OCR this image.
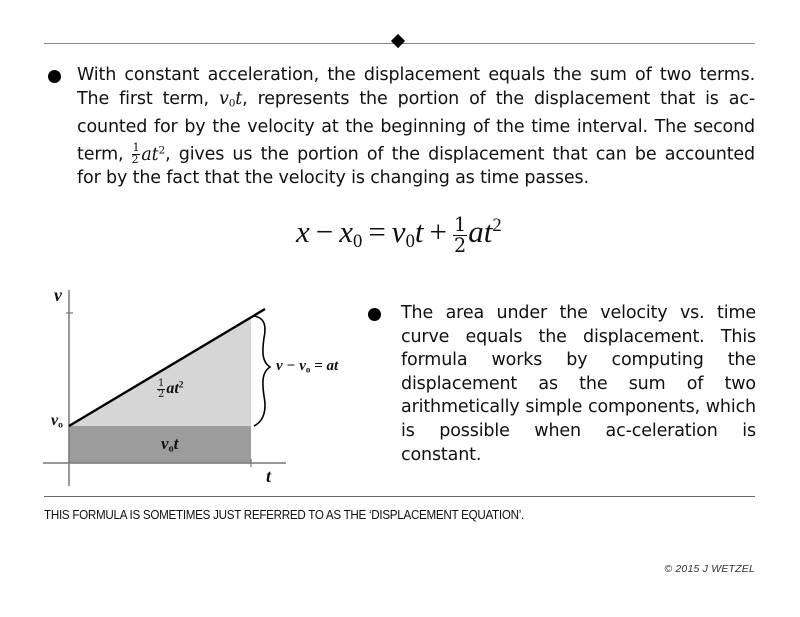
With constant acceleration, the displacement equals the sum of two terms.
The first term, $v_0t$, represents the portion of the displacement that is ac-
counted for by the velocity at the beginning of the time interval. The second
term, $\frac{1}{2} at^2$, gives us the portion of the displacement that can be accounted
for by the fact that the velocity is changing as time passes.
$x - x_0 = v_0t + \frac{1}{2} at^2$
v
t
$v_o$
$\frac{1}{2} at^2$
$v_ot$
$v - v_o$ = at
The area under the velocity vs. time curve equals the displacement. This formula works by computing the displacement as the sum of two arithmetically simple components, which is possible when ac-celeration is constant.
THIS FORMULA IS SOMETIMES JUST REFERRED TO AS THE ‘DISPLACEMENT EQUATION’.
© 2015 J WETZEL
